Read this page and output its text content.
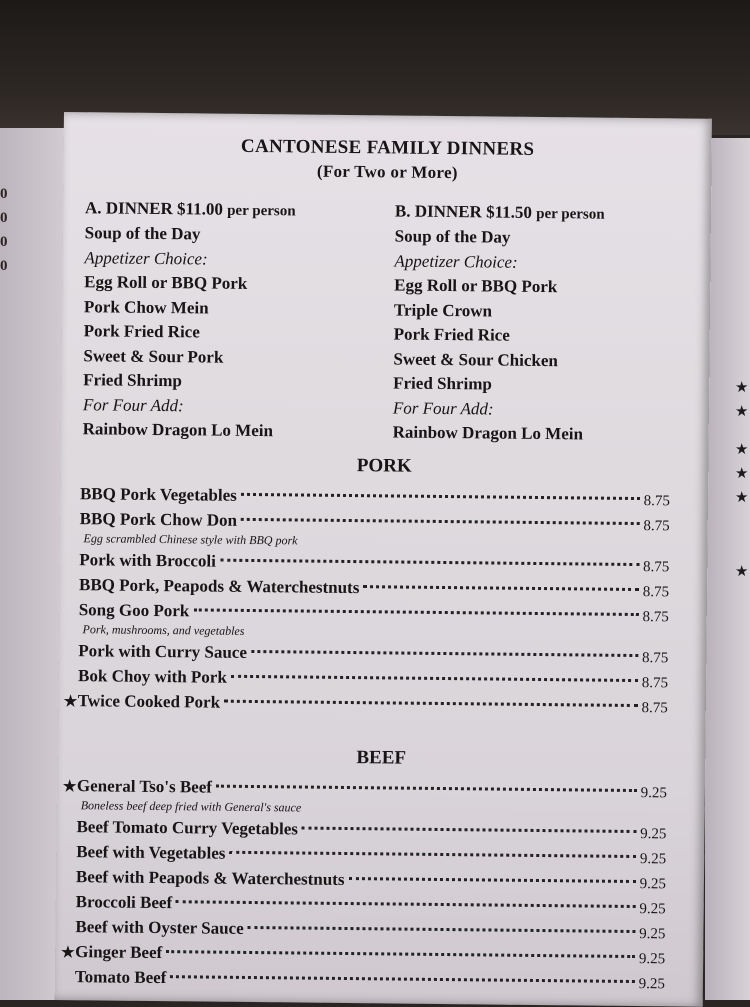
0
0
0
0
★
★
★
★
★
★
CANTONESE FAMILY DINNERS
(For Two or More)
A. DINNER $11.00 per person
Soup of the Day
Appetizer Choice:
Egg Roll or BBQ Pork
Pork Chow Mein
Pork Fried Rice
Sweet & Sour Pork
Fried Shrimp
For Four Add:
Rainbow Dragon Lo Mein
B. DINNER $11.50 per person
Soup of the Day
Appetizer Choice:
Egg Roll or BBQ Pork
Triple Crown
Pork Fried Rice
Sweet & Sour Chicken
Fried Shrimp
For Four Add:
Rainbow Dragon Lo Mein
PORK
BBQ Pork Vegetables	8.75
BBQ Pork Chow Don	8.75
Egg scrambled Chinese style with BBQ pork
Pork with Broccoli	8.75
BBQ Pork, Peapods & Waterchestnuts	8.75
Song Goo Pork	8.75
Pork, mushrooms, and vegetables
Pork with Curry Sauce	8.75
Bok Choy with Pork	8.75
★ Twice Cooked Pork	8.75
BEEF
★ General Tso's Beef	9.25
Boneless beef deep fried with General's sauce
Beef Tomato Curry Vegetables	9.25
Beef with Vegetables	9.25
Beef with Peapods & Waterchestnuts	9.25
Broccoli Beef	9.25
Beef with Oyster Sauce	9.25
★ Ginger Beef	9.25
Tomato Beef	9.25
